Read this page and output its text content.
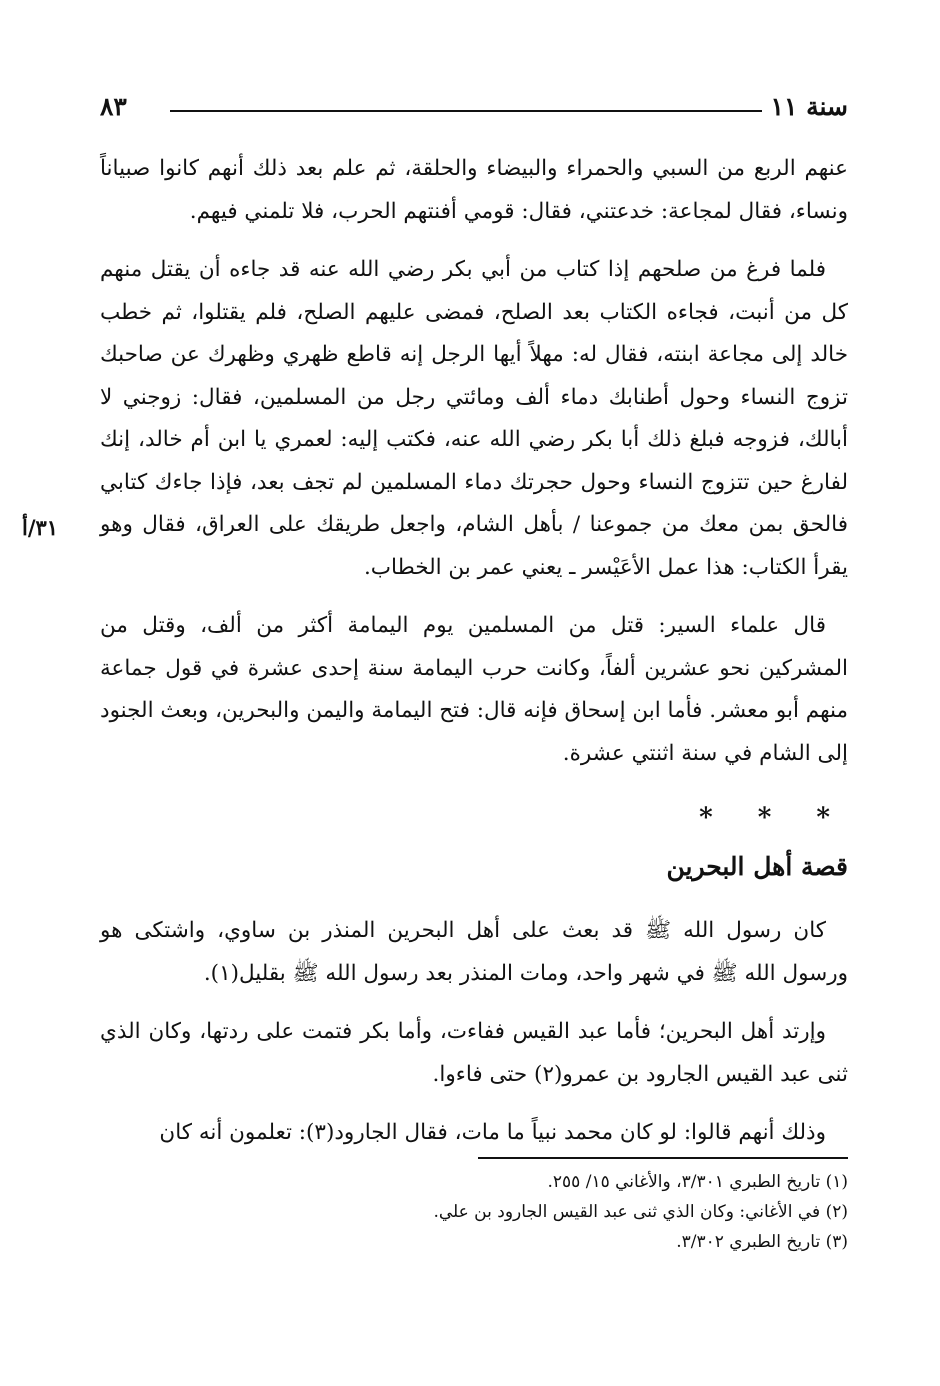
سنة ١١
٨٣

عنهم الربع من السبي والحمراء والبيضاء والحلقة، ثم علم بعد ذلك أنهم كانوا صبياناً ونساء، فقال لمجاعة: خدعتني، فقال: قومي أفنتهم الحرب، فلا تلمني فيهم.

فلما فرغ من صلحهم إذا كتاب من أبي بكر رضي الله عنه قد جاءه أن يقتل منهم كل من أنبت، فجاءه الكتاب بعد الصلح، فمضى عليهم الصلح، فلم يقتلوا، ثم خطب خالد إلى مجاعة ابنته، فقال له: مهلاً أيها الرجل إنه قاطع ظهري وظهرك عن صاحبك تزوج النساء وحول أطنابك دماء ألف ومائتي رجل من المسلمين، فقال: زوجني لا أبالك، فزوجه فبلغ ذلك أبا بكر رضي الله عنه، فكتب إليه: لعمري يا ابن أم خالد، إنك لفارغ حين تتزوج النساء وحول حجرتك دماء المسلمين لم تجف بعد، فإذا جاءك كتابي فالحق بمن معك من جموعنا / بأهل الشام، واجعل طريقك على العراق، فقال وهو يقرأ الكتاب: هذا عمل الأعَيْسر ـ يعني عمر بن الخطاب.

قال علماء السير: قتل من المسلمين يوم اليمامة أكثر من ألف، وقتل من المشركين نحو عشرين ألفاً، وكانت حرب اليمامة سنة إحدى عشرة في قول جماعة منهم أبو معشر. فأما ابن إسحاق فإنه قال: فتح اليمامة واليمن والبحرين، وبعث الجنود إلى الشام في سنة اثنتي عشرة.

* * *
قصة أهل البحرين

كان رسول الله ﷺ قد بعث على أهل البحرين المنذر بن ساوي، واشتكى هو ورسول الله ﷺ في شهر واحد، ومات المنذر بعد رسول الله ﷺ بقليل(١).

وإرتد أهل البحرين؛ فأما عبد القيس ففاءت، وأما بكر فتمت على ردتها، وكان الذي ثنى عبد القيس الجارود بن عمرو(٢) حتى فاءوا.

وذلك أنهم قالوا: لو كان محمد نبياً ما مات، فقال الجارود(٣): تعلمون أنه كان

٣١/أ
(١) تاريخ الطبري ٣/٣٠١، والأغاني ١٥/ ٢٥٥.
(٢) في الأغاني: وكان الذي ثنى عبد القيس الجارود بن علي.
(٣) تاريخ الطبري ٣/٣٠٢.
